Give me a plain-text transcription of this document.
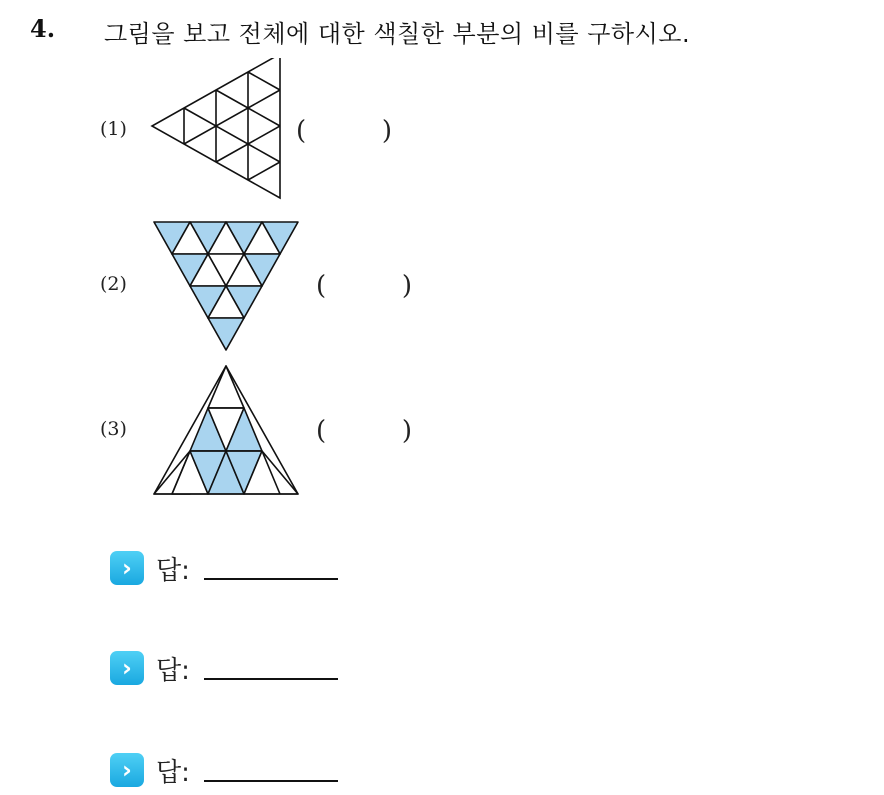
4. 그림을 보고 전체에 대한 색칠한 부분의 비를 구하시오.
(1)	(	)
(2)	(	)
(3)	(	)
› 답:
› 답:
› 답:
